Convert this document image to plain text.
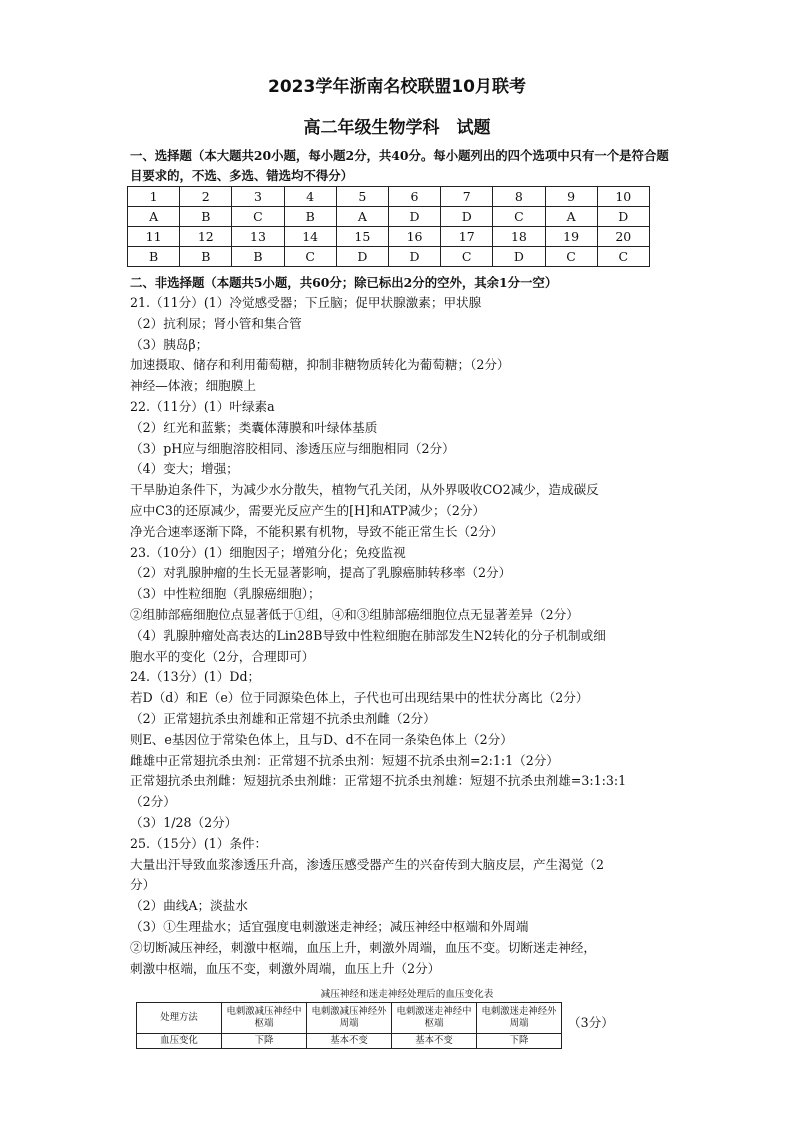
2023学年浙南名校联盟10月联考
高二年级生物学科　试题
一、选择题（本大题共20小题，每小题2分，共40分。每小题列出的四个选项中只有一个是符合题目要求的，不选、多选、错选均不得分）
1	2	3	4	5	6	7	8	9	10
A	B	C	B	A	D	D	C	A	D
11	12	13	14	15	16	17	18	19	20
B	B	B	C	D	D	C	D	C	C
二、非选择题（本题共5小题，共60分；除已标出2分的空外，其余1分一空）
21.（11分）(1）冷觉感受器；下丘脑；促甲状腺激素；甲状腺
（2）抗利尿；肾小管和集合管
（3）胰岛β；
加速摄取、储存和利用葡萄糖，抑制非糖物质转化为葡萄糖；（2分）
神经—体液；细胞膜上
22.（11分）(1）叶绿素a
（2）红光和蓝紫；类囊体薄膜和叶绿体基质
（3）pH应与细胞溶胶相同、渗透压应与细胞相同（2分）
（4）变大；增强；
干旱胁迫条件下，为减少水分散失，植物气孔关闭，从外界吸收CO2减少，造成碳反
应中C3的还原减少，需要光反应产生的[H]和ATP减少；（2分）
净光合速率逐渐下降，不能积累有机物，导致不能正常生长（2分）
23.（10分）(1）细胞因子；增殖分化；免疫监视
（2）对乳腺肿瘤的生长无显著影响，提高了乳腺癌肺转移率（2分）
（3）中性粒细胞（乳腺癌细胞）；
②组肺部癌细胞位点显著低于①组，④和③组肺部癌细胞位点无显著差异（2分）
（4）乳腺肿瘤处高表达的Lin28B导致中性粒细胞在肺部发生N2转化的分子机制或细
胞水平的变化（2分，合理即可）
24.（13分）(1）Dd；
若D（d）和E（e）位于同源染色体上，子代也可出现结果中的性状分离比（2分）
（2）正常翅抗杀虫剂雄和正常翅不抗杀虫剂雌（2分）
则E、e基因位于常染色体上，且与D、d不在同一条染色体上（2分）
雌雄中正常翅抗杀虫剂：正常翅不抗杀虫剂：短翅不抗杀虫剂=2:1:1（2分）
正常翅抗杀虫剂雌：短翅抗杀虫剂雌：正常翅不抗杀虫剂雄：短翅不抗杀虫剂雄=3:1:3:1
（2分）
（3）1/28（2分）
25.（15分）(1）条件：
大量出汗导致血浆渗透压升高，渗透压感受器产生的兴奋传到大脑皮层，产生渴觉（2
分）
（2）曲线A；淡盐水
（3）①生理盐水；适宜强度电刺激迷走神经；减压神经中枢端和外周端
②切断减压神经，刺激中枢端，血压上升，刺激外周端，血压不变。切断迷走神经，
刺激中枢端，血压不变，刺激外周端，血压上升（2分）
减压神经和迷走神经处理后的血压变化表
处理方法	电刺激减压神经中枢端	电刺激减压神经外周端	电刺激迷走神经中枢端	电刺激迷走神经外周端
血压变化	下降	基本不变	基本不变	下降
（3分）
